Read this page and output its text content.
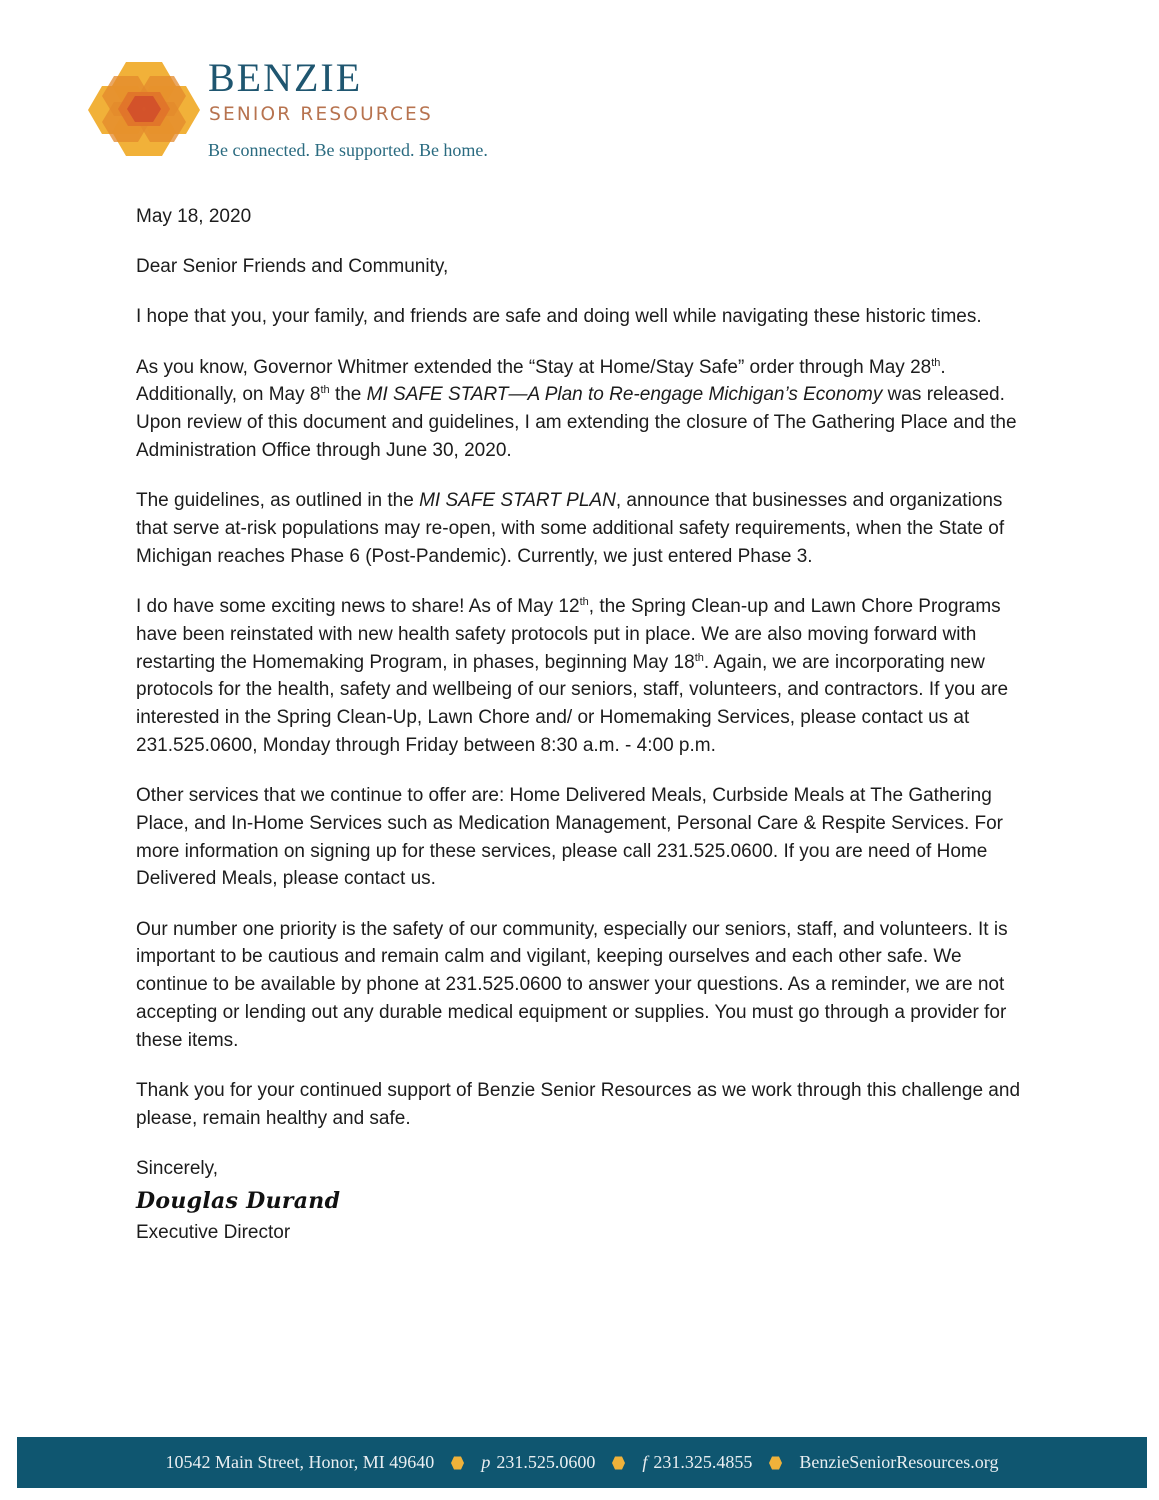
BENZIE
SENIOR RESOURCES
Be connected. Be supported. Be home.

May 18, 2020

Dear Senior Friends and Community,

I hope that you, your family, and friends are safe and doing well while navigating these historic times.

As you know, Governor Whitmer extended the “Stay at Home/Stay Safe” order through May 28th. Additionally, on May 8th the MI SAFE START—A Plan to Re-engage Michigan’s Economy was released. Upon review of this document and guidelines, I am extending the closure of The Gathering Place and the Administration Office through June 30, 2020.

The guidelines, as outlined in the MI SAFE START PLAN, announce that businesses and organizations that serve at-risk populations may re-open, with some additional safety requirements, when the State of Michigan reaches Phase 6 (Post-Pandemic). Currently, we just entered Phase 3.

I do have some exciting news to share! As of May 12th, the Spring Clean-up and Lawn Chore Programs have been reinstated with new health safety protocols put in place. We are also moving forward with restarting the Homemaking Program, in phases, beginning May 18th. Again, we are incorporating new protocols for the health, safety and wellbeing of our seniors, staff, volunteers, and contractors. If you are interested in the Spring Clean-Up, Lawn Chore and/ or Homemaking Services, please contact us at 231.525.0600, Monday through Friday between 8:30 a.m. - 4:00 p.m.

Other services that we continue to offer are: Home Delivered Meals, Curbside Meals at The Gathering Place, and In-Home Services such as Medication Management, Personal Care & Respite Services. For more information on signing up for these services, please call 231.525.0600. If you are need of Home Delivered Meals, please contact us.

Our number one priority is the safety of our community, especially our seniors, staff, and volunteers. It is important to be cautious and remain calm and vigilant, keeping ourselves and each other safe. We continue to be available by phone at 231.525.0600 to answer your questions. As a reminder, we are not accepting or lending out any durable medical equipment or supplies. You must go through a provider for these items.

Thank you for your continued support of Benzie Senior Resources as we work through this challenge and please, remain healthy and safe.

Sincerely,

Douglas Durand

Executive Director

10542 Main Street, Honor, MI 49640	p 231.525.0600	f 231.325.4855	BenzieSeniorResources.org
